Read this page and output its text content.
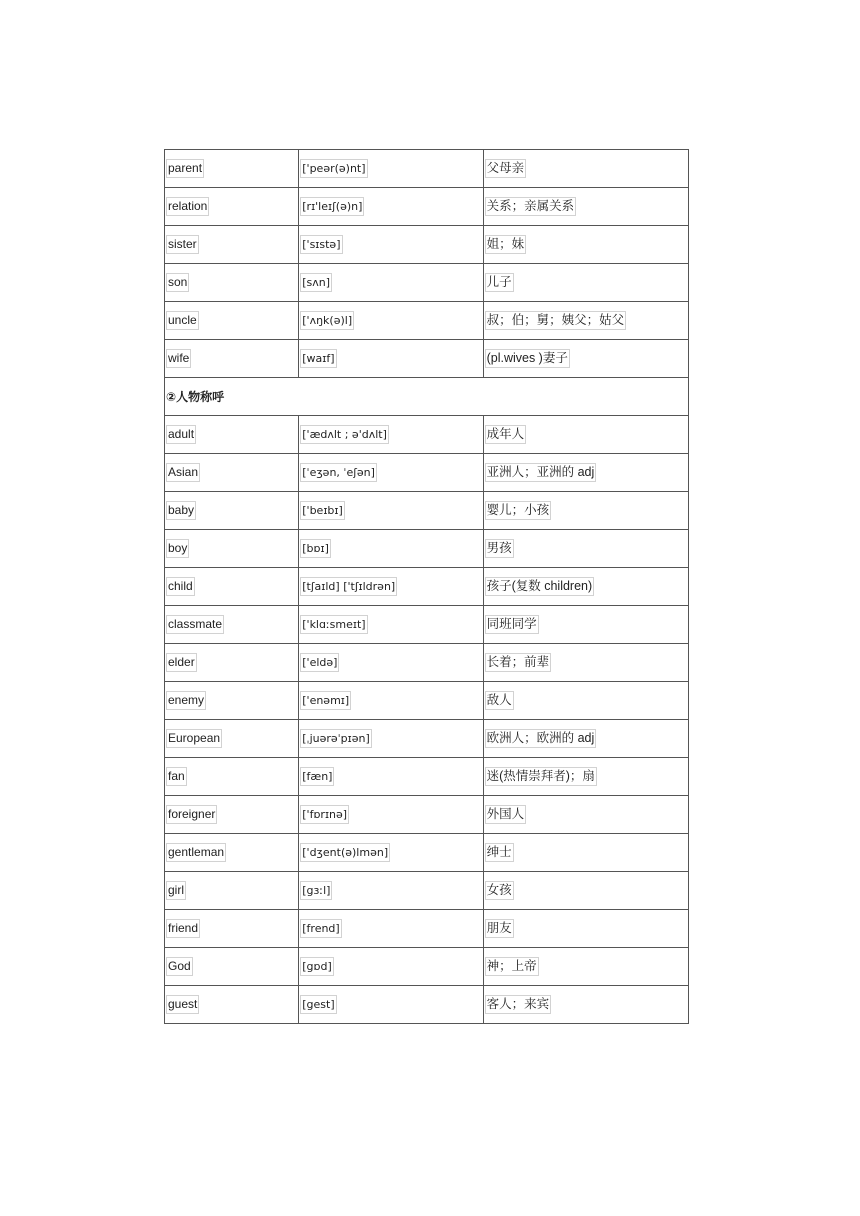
parent	['peər(ə)nt]	父母亲
relation	[rɪ'leɪʃ(ə)n]	关系；亲属关系
sister	['sɪstə]	姐；妹
son	[sʌn]	儿子
uncle	['ʌŋk(ə)l]	叔；伯；舅；姨父；姑父
wife	[waɪf]	(pl.wives )妻子
②人物称呼		
adult	['ædʌlt ; ə'dʌlt]	成年人
Asian	[ˈeʒən, ˈeʃən]	亚洲人；亚洲的 adj
baby	['beɪbɪ]	婴儿；小孩
boy	[bɒɪ]	男孩
child	[tʃaɪld] ['tʃɪldrən]	孩子(复数 children)
classmate	['klɑːsmeɪt]	同班同学
elder	['eldə]	长着；前辈
enemy	['enəmɪ]	敌人
European	[ˌjuərəˈpɪən]	欧洲人；欧洲的 adj
fan	[fæn]	迷(热情崇拜者)；扇
foreigner	['fɒrɪnə]	外国人
gentleman	['dʒent(ə)lmən]	绅士
girl	[gɜːl]	女孩
friend	[frend]	朋友
God	[gɒd]	神；上帝
guest	[gest]	客人；来宾
